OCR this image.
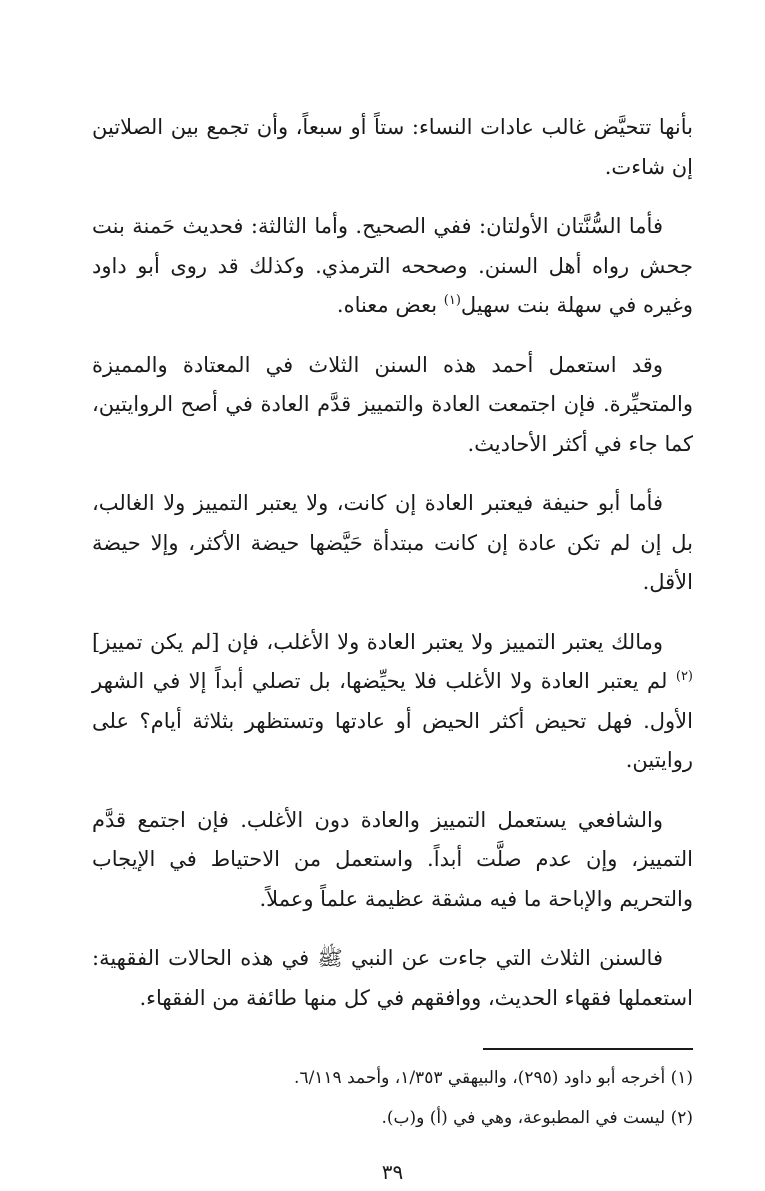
بأنها تتحيَّض غالب عادات النساء: ستاً أو سبعاً، وأن تجمع بين الصلاتين إن شاءت.

فأما السُّنَّتان الأولتان: ففي الصحيح. وأما الثالثة: فحديث حَمنة بنت جحش رواه أهل السنن. وصححه الترمذي. وكذلك قد روى أبو داود وغيره في سهلة بنت سهيل$^{(١)}$ بعض معناه.

وقد استعمل أحمد هذه السنن الثلاث في المعتادة والمميزة والمتحيِّرة. فإن اجتمعت العادة والتمييز قدَّم العادة في أصح الروايتين، كما جاء في أكثر الأحاديث.

فأما أبو حنيفة فيعتبر العادة إن كانت، ولا يعتبر التمييز ولا الغالب، بل إن لم تكن عادة إن كانت مبتدأة حَيَّضها حيضة الأكثر، وإلا حيضة الأقل.

ومالك يعتبر التمييز ولا يعتبر العادة ولا الأغلب، فإن [لم يكن تمييز]$^{(٢)}$ لم يعتبر العادة ولا الأغلب فلا يحيِّضها، بل تصلي أبداً إلا في الشهر الأول. فهل تحيض أكثر الحيض أو عادتها وتستظهر بثلاثة أيام؟ على روايتين.

والشافعي يستعمل التمييز والعادة دون الأغلب. فإن اجتمع قدَّم التمييز، وإن عدم صلَّت أبداً. واستعمل من الاحتياط في الإيجاب والتحريم والإباحة ما فيه مشقة عظيمة علماً وعملاً.

فالسنن الثلاث التي جاءت عن النبي ﷺ في هذه الحالات الفقهية: استعملها فقهاء الحديث، ووافقهم في كل منها طائفة من الفقهاء.

(١) أخرجه أبو داود (٢٩٥)، والبيهقي ١/٣٥٣، وأحمد ٦/١١٩.

(٢) ليست في المطبوعة، وهي في (أ) و(ب).

٣٩
